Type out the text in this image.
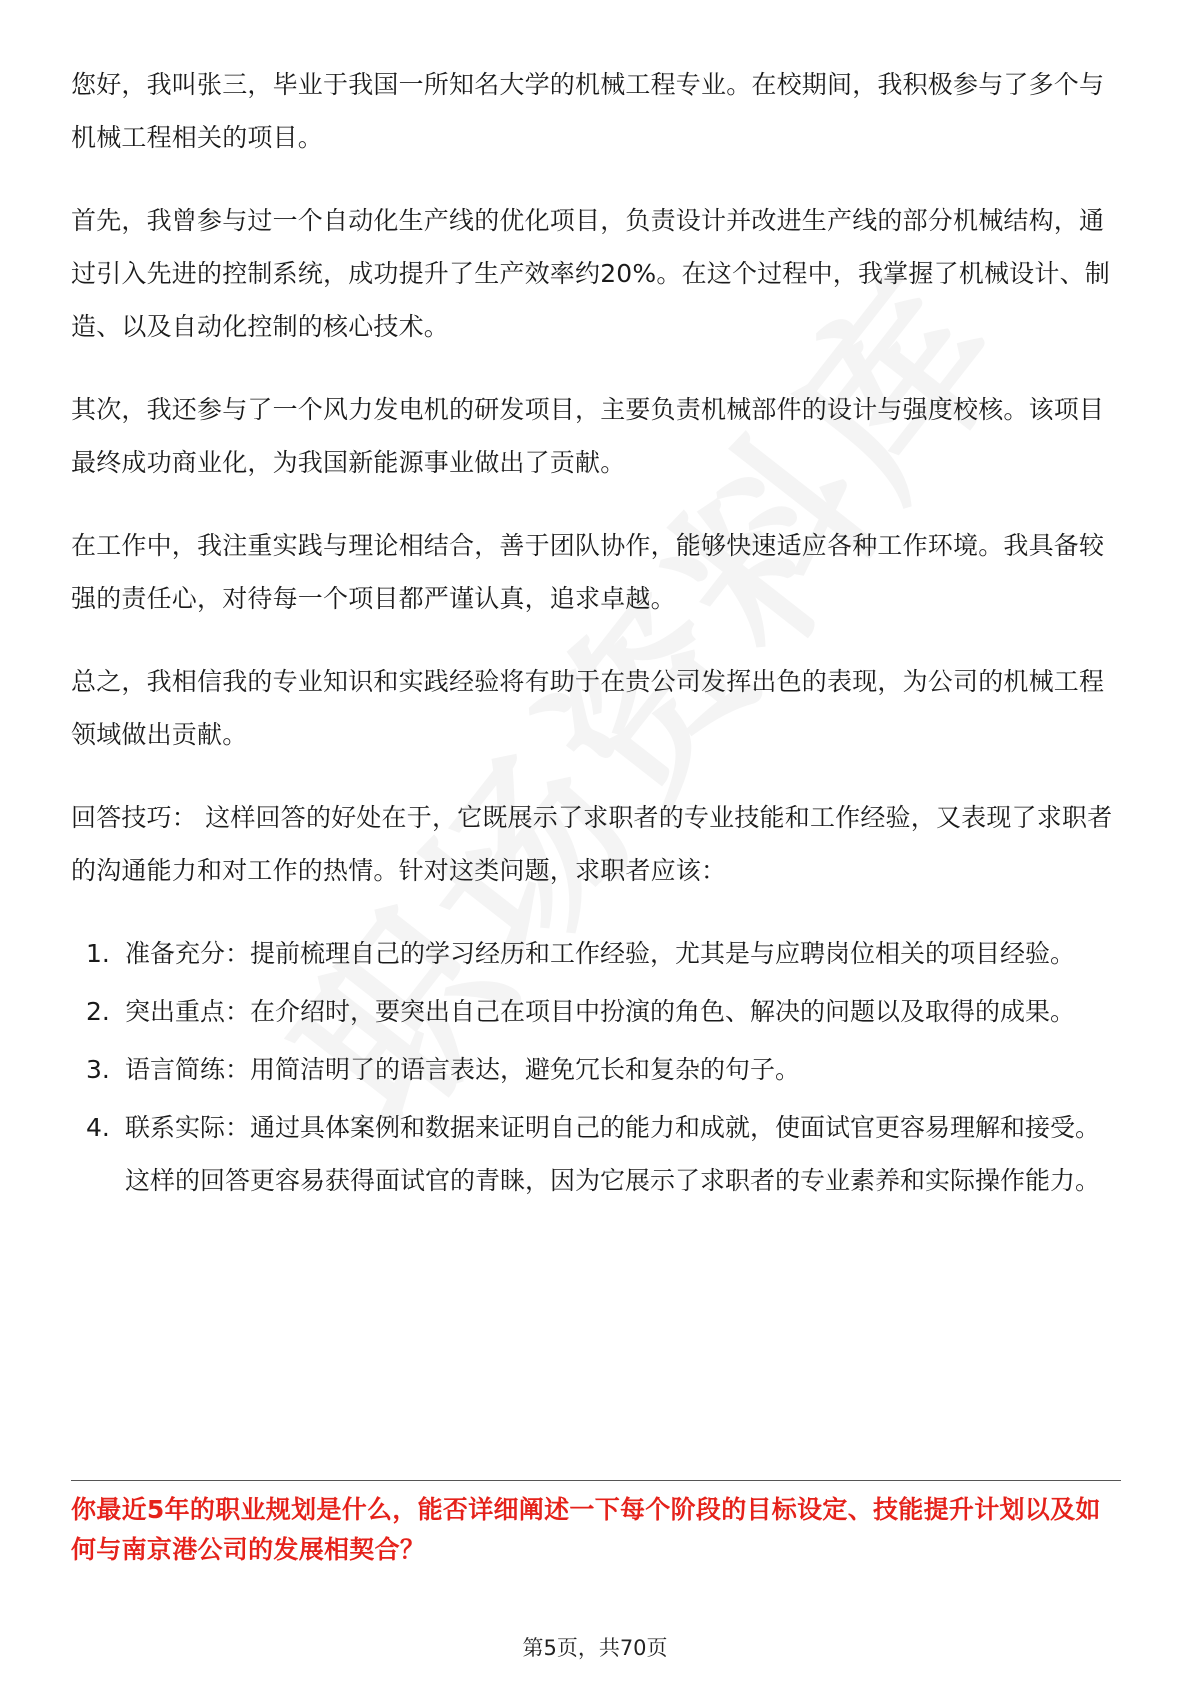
您好，我叫张三，毕业于我国一所知名大学的机械工程专业。在校期间，我积极参与了多个与机械工程相关的项目。

首先，我曾参与过一个自动化生产线的优化项目，负责设计并改进生产线的部分机械结构，通过引入先进的控制系统，成功提升了生产效率约20%。在这个过程中，我掌握了机械设计、制造、以及自动化控制的核心技术。

其次，我还参与了一个风力发电机的研发项目，主要负责机械部件的设计与强度校核。该项目最终成功商业化，为我国新能源事业做出了贡献。

在工作中，我注重实践与理论相结合，善于团队协作，能够快速适应各种工作环境。我具备较强的责任心，对待每一个项目都严谨认真，追求卓越。

总之，我相信我的专业知识和实践经验将有助于在贵公司发挥出色的表现，为公司的机械工程领域做出贡献。

回答技巧： 这样回答的好处在于，它既展示了求职者的专业技能和工作经验，又表现了求职者的沟通能力和对工作的热情。针对这类问题，求职者应该：

1. 准备充分：提前梳理自己的学习经历和工作经验，尤其是与应聘岗位相关的项目经验。
2. 突出重点：在介绍时，要突出自己在项目中扮演的角色、解决的问题以及取得的成果。
3. 语言简练：用简洁明了的语言表达，避免冗长和复杂的句子。
4. 联系实际：通过具体案例和数据来证明自己的能力和成就，使面试官更容易理解和接受。 这样的回答更容易获得面试官的青睐，因为它展示了求职者的专业素养和实际操作能力。
你最近5年的职业规划是什么，能否详细阐述一下每个阶段的目标设定、技能提升计划以及如何与南京港公司的发展相契合？
第5页，共70页
